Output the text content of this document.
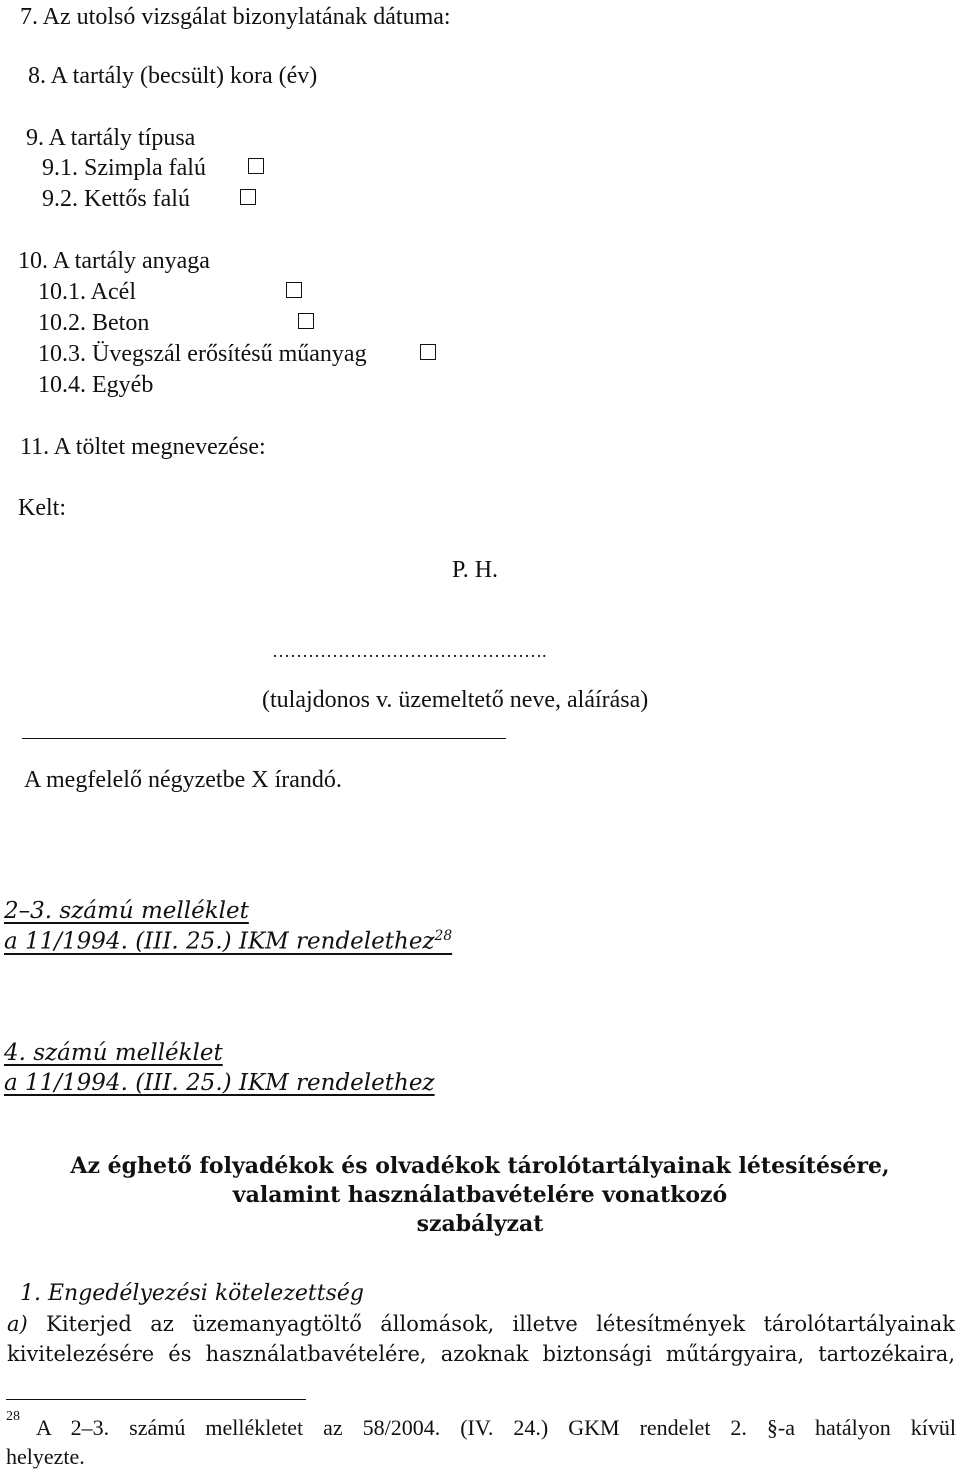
7. Az utolsó vizsgálat bizonylatának dátuma:
8. A tartály (becsült) kora (év)
9. A tartály típusa
9.1. Szimpla falú
9.2. Kettős falú
10. A tartály anyaga
10.1. Acél
10.2. Beton
10.3. Üvegszál erősítésű műanyag
10.4. Egyéb
11. A töltet megnevezése:
Kelt:
P. H.
……………………………………….
(tulajdonos v. üzemeltető neve, aláírása)
A megfelelő négyzetbe X írandó.
2–3. számú melléklet
a 11/1994. (III. 25.) IKM rendelethez$^{28}$
4. számú melléklet
a 11/1994. (III. 25.) IKM rendelethez
Az éghető folyadékok és olvadékok tárolótartályainak létesítésére,
valamint használatbavételére vonatkozó
szabályzat
1. Engedélyezési kötelezettség
a) Kiterjed az üzemanyagtöltő állomások, illetve létesítmények tárolótartályainak
kivitelezésére és használatbavételére, azoknak biztonsági műtárgyaira, tartozékaira,
28 A 2–3. számú mellékletet az 58/2004. (IV. 24.) GKM rendelet 2. §-a hatályon kívül
helyezte.
